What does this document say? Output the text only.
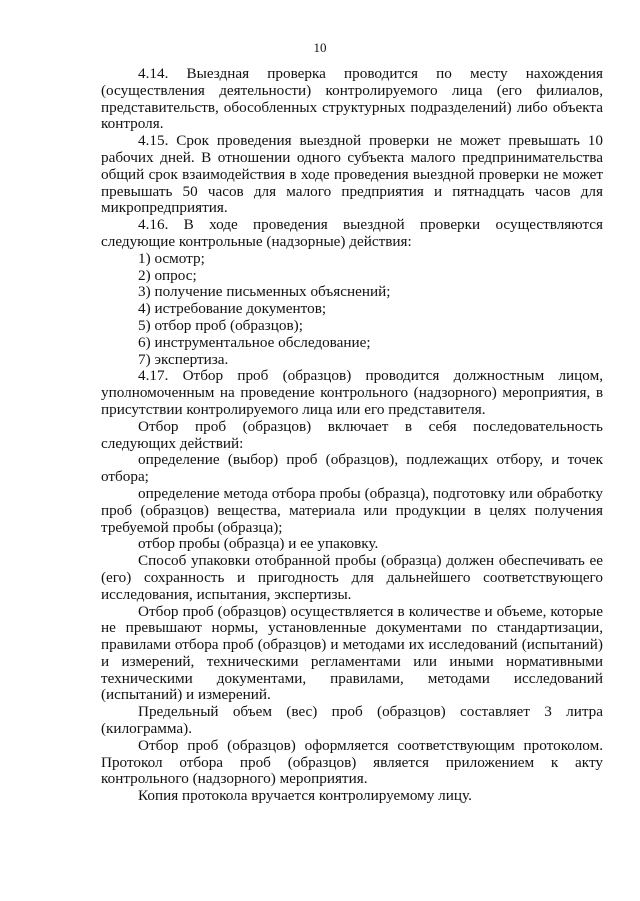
10

4.14. Выездная проверка проводится по месту нахождения (осуществления деятельности) контролируемого лица (его филиалов, представительств, обособленных структурных подразделений) либо объекта контроля.

4.15. Срок проведения выездной проверки не может превышать 10 рабочих дней. В отношении одного субъекта малого предпринимательства общий срок взаимодействия в ходе проведения выездной проверки не может превышать 50 часов для малого предприятия и пятнадцать часов для микропредприятия.

4.16. В ходе проведения выездной проверки осуществляются следующие контрольные (надзорные) действия:

1) осмотр;

2) опрос;

3) получение письменных объяснений;

4) истребование документов;

5) отбор проб (образцов);

6) инструментальное обследование;

7) экспертиза.

4.17. Отбор проб (образцов) проводится должностным лицом, уполномоченным на проведение контрольного (надзорного) мероприятия, в присутствии контролируемого лица или его представителя.

Отбор проб (образцов) включает в себя последовательность следующих действий:

определение (выбор) проб (образцов), подлежащих отбору, и точек отбора;

определение метода отбора пробы (образца), подготовку или обработку проб (образцов) вещества, материала или продукции в целях получения требуемой пробы (образца);

отбор пробы (образца) и ее упаковку.

Способ упаковки отобранной пробы (образца) должен обеспечивать ее (его) сохранность и пригодность для дальнейшего соответствующего исследования, испытания, экспертизы.

Отбор проб (образцов) осуществляется в количестве и объеме, которые не превышают нормы, установленные документами по стандартизации, правилами отбора проб (образцов) и методами их исследований (испытаний) и измерений, техническими регламентами или иными нормативными техническими документами, правилами, методами исследований (испытаний) и измерений.

Предельный объем (вес) проб (образцов) составляет 3 литра (килограмма).

Отбор проб (образцов) оформляется соответствующим протоколом. Протокол отбора проб (образцов) является приложением к акту контрольного (надзорного) мероприятия.

Копия протокола вручается контролируемому лицу.
